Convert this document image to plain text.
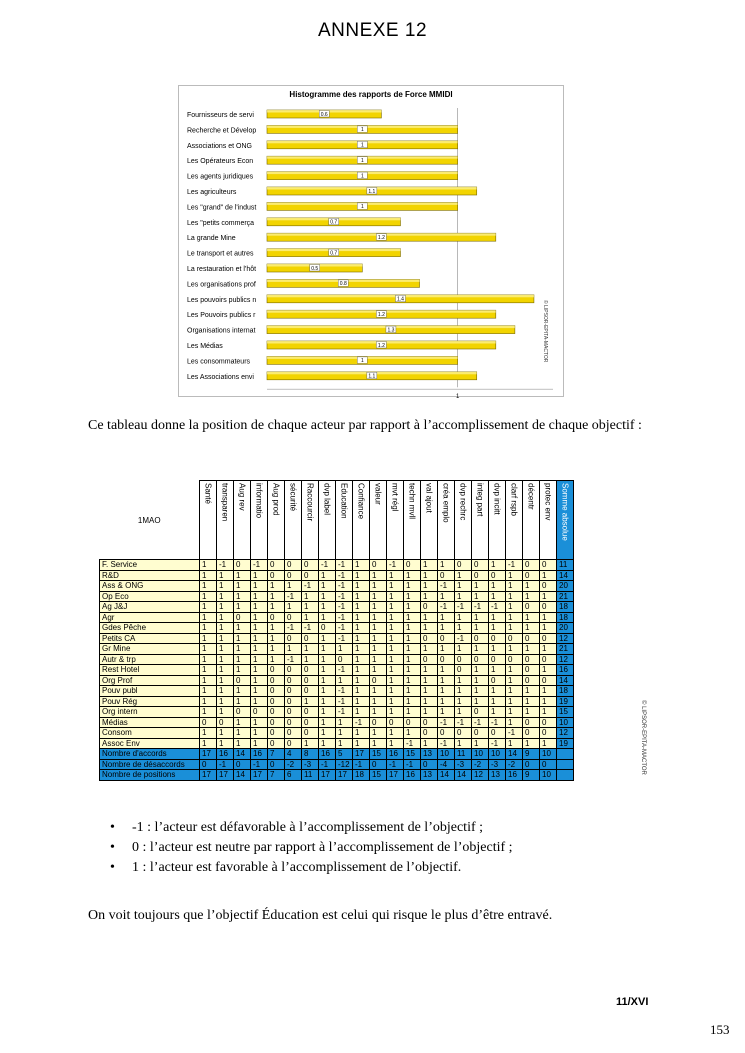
ANNEXE 12
Histogramme des rapports de Force MMIDI
1
Fournisseurs de servi	0.6
Recherche et Dévelop	1
Associations et ONG	1
Les Opérateurs Econ	1
Les agents juridiques	1
Les agriculteurs	1.1
Les "grand" de l'indust	1
Les "petits commerça	0.7
La grande Mine	1.2
Le transport et autres	0.7
La restauration et l'hôt	0.5
Les organisations prof	0.8
Les pouvoirs publics n	1.4
Les Pouvoirs publics r	1.2
Organisations internat	1.3
Les Médias	1.2
Les consommateurs	1
Les Associations envi	1.1
© LIPSOR-EPITA-MACTOR
Ce tableau donne la position de chaque acteur par rapport à l’accomplissement de chaque objectif :
1MAO	Santé	transparen	Aug rev	informatio	Aug prod	sécurité	Raccourcir	dvp label	Education	Confiance	valeur	mvt régl	techn mvll	val ajout	créa emplo	dvp rechrc	integ part	dvp incitt	clarf rspb	décentr	protec env	Somme absolue

F. Service	1	-1	0	-1	0	0	0	-1	-1	1	0	-1	0	1	1	0	0	1	-1	0	0	11
R&D	1	1	1	1	0	0	0	1	-1	1	1	1	1	1	0	1	0	0	1	0	1	14
Ass & ONG	1	1	1	1	1	1	-1	1	-1	1	1	1	1	1	-1	1	1	1	1	1	0	20
Op Eco	1	1	1	1	1	-1	1	1	-1	1	1	1	1	1	1	1	1	1	1	1	1	21
Ag J&J	1	1	1	1	1	1	1	1	-1	1	1	1	1	0	-1	-1	-1	-1	1	0	0	18
Agr	1	1	0	1	0	0	1	1	-1	1	1	1	1	1	1	1	1	1	1	1	1	18
Gdes Pêche	1	1	1	1	1	-1	-1	0	-1	1	1	1	1	1	1	1	1	1	1	1	1	20
Petits CA	1	1	1	1	1	0	0	1	-1	1	1	1	1	0	0	-1	0	0	0	0	0	12
Gr Mine	1	1	1	1	1	1	1	1	1	1	1	1	1	1	1	1	1	1	1	1	1	21
Autr & trp	1	1	1	1	1	-1	1	1	0	1	1	1	1	0	0	0	0	0	0	0	0	12
Rest Hotel	1	1	1	1	0	0	0	1	-1	1	1	1	1	1	1	0	1	1	1	0	1	16
Org Prof	1	1	0	1	0	0	0	1	1	1	0	1	1	1	1	1	1	0	1	0	0	14
Pouv publ	1	1	1	1	0	0	0	1	-1	1	1	1	1	1	1	1	1	1	1	1	1	18
Pouv Rég	1	1	1	1	0	0	1	1	-1	1	1	1	1	1	1	1	1	1	1	1	1	19
Org intern	1	1	0	0	0	0	0	1	-1	1	1	1	1	1	1	1	0	1	1	1	1	15
Médias	0	0	1	1	0	0	0	1	1	-1	0	0	0	0	-1	-1	-1	-1	1	0	0	10
Consom	1	1	1	1	0	0	0	1	1	1	1	1	1	0	0	0	0	0	-1	0	0	12
Assoc Env	1	1	1	1	0	0	1	1	1	1	1	1	-1	1	-1	1	1	-1	1	1	1	19
Nombre d'accords	17	16	14	16	7	4	8	16	5	17	15	16	15	13	10	11	10	10	14	9	10	
Nombre de désaccords	0	-1	0	-1	0	-2	-3	-1	-12	-1	0	-1	-1	0	-4	-3	-2	-3	-2	0	0	
Nombre de positions	17	17	14	17	7	6	11	17	17	18	15	17	16	13	14	14	12	13	16	9	10		© LIPSOR-EPITA-MACTOR
• -1 : l’acteur est défavorable à l’accomplissement de l’objectif ;
• 0 : l’acteur est neutre par rapport à l’accomplissement de l’objectif ;
• 1 : l’acteur est favorable à l’accomplissement de l’objectif.
On voit toujours que l’objectif Éducation est celui qui risque le plus d’être entravé.
11/XVI
153
